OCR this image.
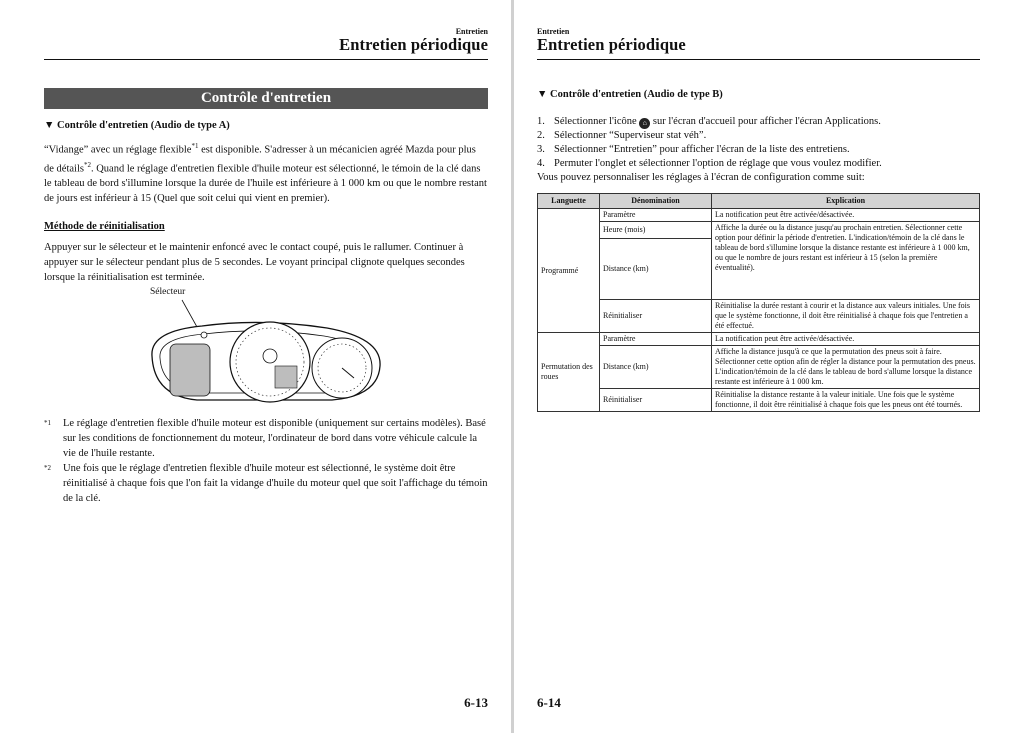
Entretien
Entretien périodique
Contrôle d'entretien
▼ Contrôle d'entretien (Audio de type A)
“Vidange” avec un réglage flexible$^{*1}$ est disponible. S'adresser à un mécanicien agréé Mazda pour plus de détails$^{*2}$. Quand le réglage d'entretien flexible d'huile moteur est sélectionné, le témoin de la clé dans le tableau de bord s'illumine lorsque la durée de l'huile est inférieure à 1 000 km ou que le nombre restant de jours est inférieur à 15 (Quel que soit celui qui vient en premier).
Méthode de réinitialisation
Appuyer sur le sélecteur et le maintenir enfoncé avec le contact coupé, puis le rallumer. Continuer à appuyer sur le sélecteur pendant plus de 5 secondes. Le voyant principal clignote quelques secondes lorsque la réinitialisation est terminée.
Sélecteur
$^{*1}$	Le réglage d'entretien flexible d'huile moteur est disponible (uniquement sur certains modèles). Basé sur les conditions de fonctionnement du moteur, l'ordinateur de bord dans votre véhicule calcule la vie de l'huile restante.
$^{*2}$	Une fois que le réglage d'entretien flexible d'huile moteur est sélectionné, le système doit être réinitialisé à chaque fois que l'on fait la vidange d'huile du moteur quel que soit l'affichage du témoin de la clé.
6-13
Entretien
Entretien périodique
▼ Contrôle d'entretien (Audio de type B)
1. Sélectionner l'icône ⌂ sur l'écran d'accueil pour afficher l'écran Applications.
2. Sélectionner “Superviseur stat véh”.
3. Sélectionner “Entretien” pour afficher l'écran de la liste des entretiens.
4. Permuter l'onglet et sélectionner l'option de réglage que vous voulez modifier.
Vous pouvez personnaliser les réglages à l'écran de configuration comme suit:
Languette	Dénomination	Explication
Programmé	Paramètre	La notification peut être activée/désactivée.
	Heure (mois)	Affiche la durée ou la distance jusqu'au prochain entretien. Sélectionner cette option pour définir la période d'entretien. L'indication/témoin de la clé dans le tableau de bord s'illumine lorsque la distance restante est inférieure à 1 000 km, ou que le nombre de jours restant est inférieur à 15 (selon la première éventualité).
	Distance (km)	
	Réinitialiser	Réinitialise la durée restant à courir et la distance aux valeurs initiales. Une fois que le système fonctionne, il doit être réinitialisé à chaque fois que l'entretien a été effectué.
Permutation des roues	Paramètre	La notification peut être activée/désactivée.
	Distance (km)	Affiche la distance jusqu'à ce que la permutation des pneus soit à faire. Sélectionner cette option afin de régler la distance pour la permutation des pneus. L'indication/témoin de la clé dans le tableau de bord s'allume lorsque la distance restante est inférieure à 1 000 km.
	Réinitialiser	Réinitialise la distance restante à la valeur initiale. Une fois que le système fonctionne, il doit être réinitialisé à chaque fois que les pneus ont été tournés.
6-14
